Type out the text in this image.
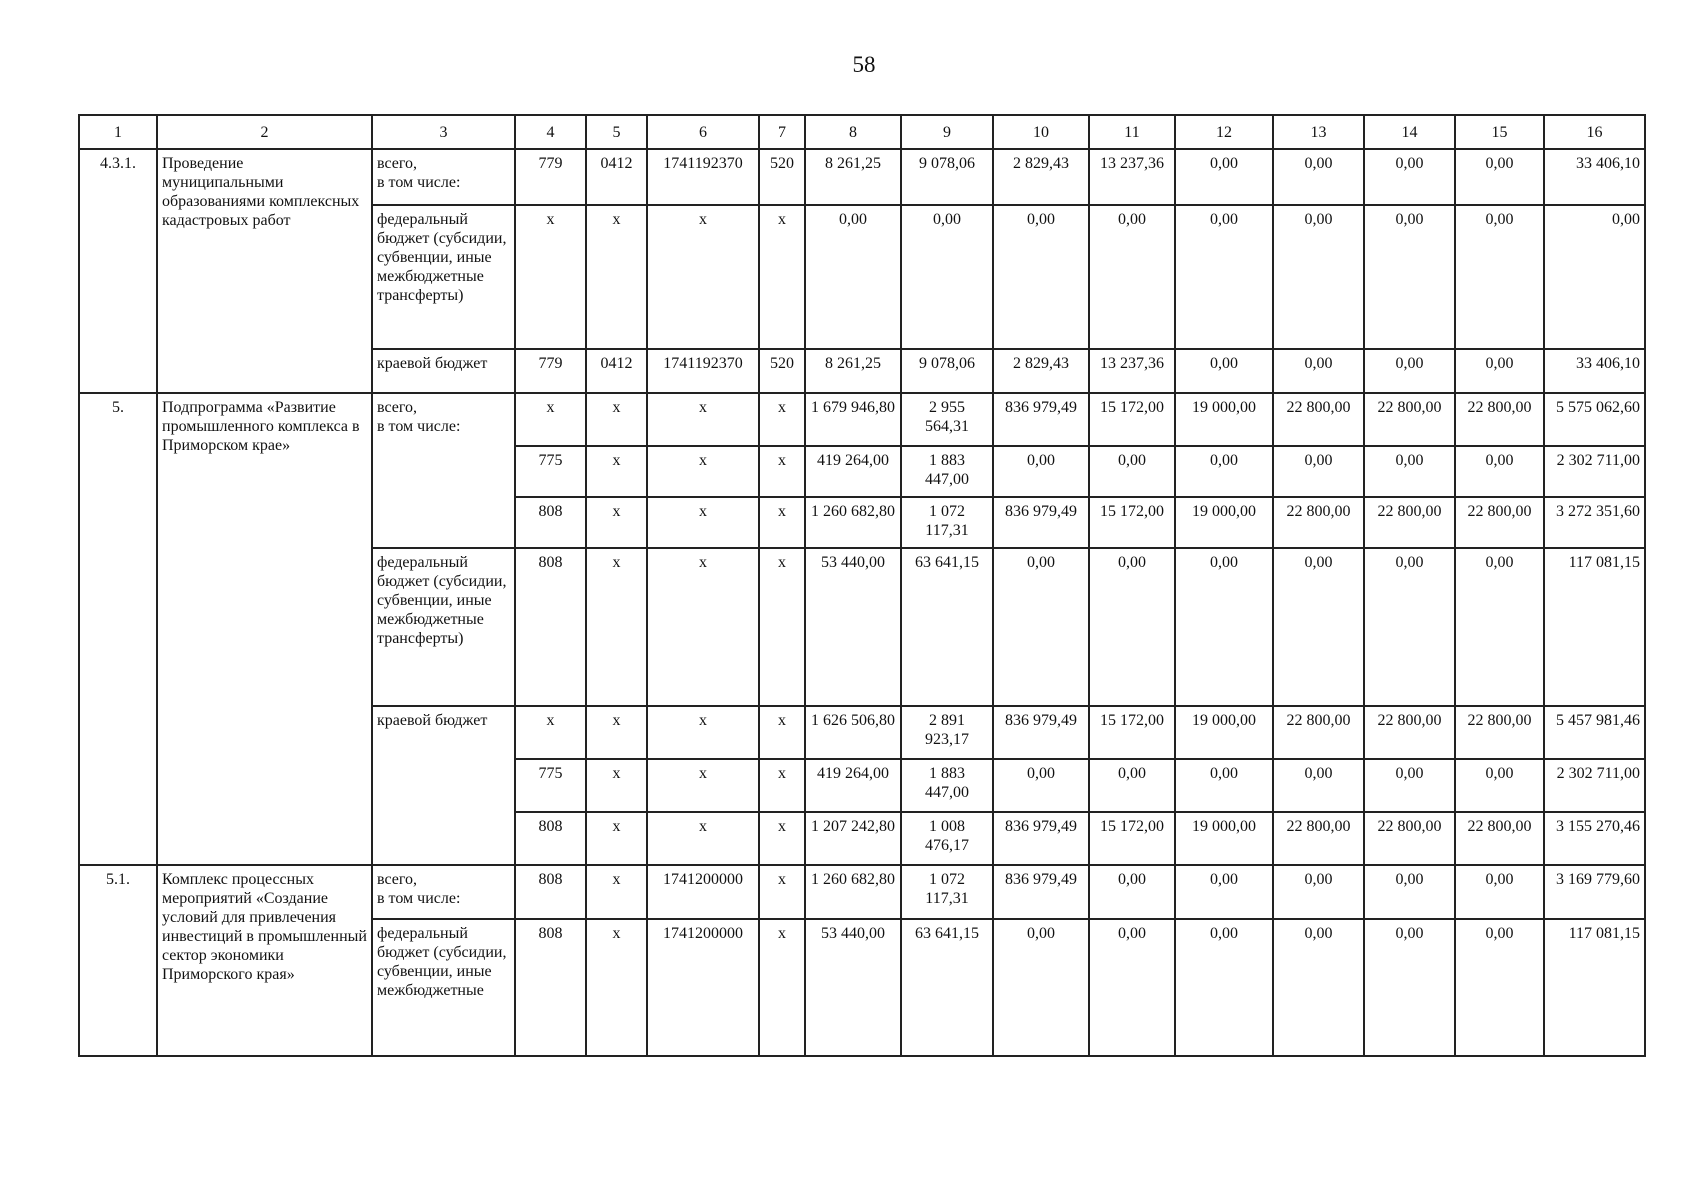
58
1	2	3	4	5	6	7	8	9	10	11	12	13	14	15	16
4.3.1.	Проведение муниципальными образованиями комплексных кадастровых работ	всего,
в том числе:	779	0412	1741192370	520	8 261,25	9 078,06	2 829,43	13 237,36	0,00	0,00	0,00	0,00	33 406,10
		федеральный бюджет (субсидии, субвенции, иные межбюджетные трансферты)	x	x	x	x	0,00	0,00	0,00	0,00	0,00	0,00	0,00	0,00	0,00
		краевой бюджет	779	0412	1741192370	520	8 261,25	9 078,06	2 829,43	13 237,36	0,00	0,00	0,00	0,00	33 406,10
5.	Подпрограмма «Развитие промышленного комплекса в Приморском крае»	всего,
в том числе:	x	x	x	x	1 679 946,80	2 955 564,31	836 979,49	15 172,00	19 000,00	22 800,00	22 800,00	22 800,00	5 575 062,60
			775	x	x	x	419 264,00	1 883 447,00	0,00	0,00	0,00	0,00	0,00	0,00	2 302 711,00
			808	x	x	x	1 260 682,80	1 072 117,31	836 979,49	15 172,00	19 000,00	22 800,00	22 800,00	22 800,00	3 272 351,60
		федеральный бюджет (субсидии, субвенции, иные межбюджетные трансферты)	808	x	x	x	53 440,00	63 641,15	0,00	0,00	0,00	0,00	0,00	0,00	117 081,15
		краевой бюджет	x	x	x	x	1 626 506,80	2 891 923,17	836 979,49	15 172,00	19 000,00	22 800,00	22 800,00	22 800,00	5 457 981,46
			775	x	x	x	419 264,00	1 883 447,00	0,00	0,00	0,00	0,00	0,00	0,00	2 302 711,00
			808	x	x	x	1 207 242,80	1 008 476,17	836 979,49	15 172,00	19 000,00	22 800,00	22 800,00	22 800,00	3 155 270,46
5.1.	Комплекс процессных мероприятий «Создание условий для привлечения инвестиций в промышленный сектор экономики Приморского края»	всего,
в том числе:	808	x	1741200000	x	1 260 682,80	1 072 117,31	836 979,49	0,00	0,00	0,00	0,00	0,00	3 169 779,60
		федеральный бюджет (субсидии, субвенции, иные межбюджетные	808	x	1741200000	x	53 440,00	63 641,15	0,00	0,00	0,00	0,00	0,00	0,00	117 081,15
